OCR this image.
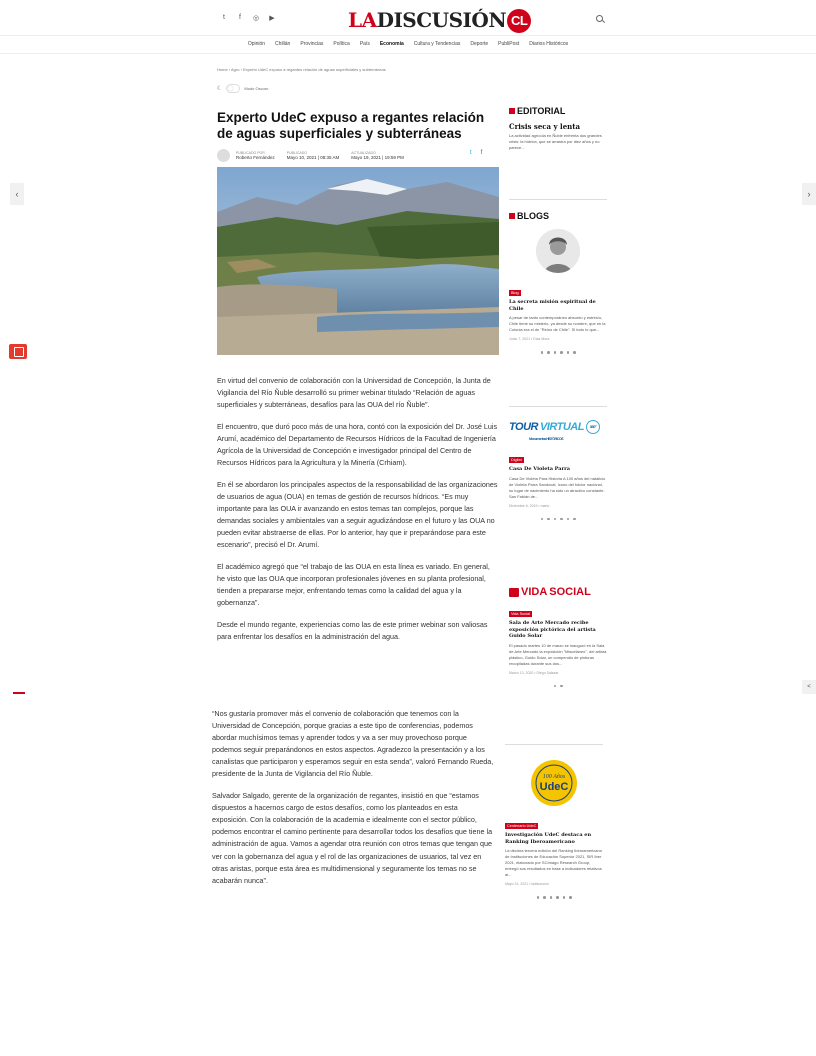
t	f	◎ ▶	LADISCUSIÓN CL
Opinión Chillán Provincias Política País Economía Cultura y Tendencias Deporte PubliPost Diarios Históricos
Home › Agro › Experto UdeC expuso a regantes relación de aguas superficiales y subterráneas
☾	Modo Oscuro
Experto UdeC expuso a regantes relación de aguas superficiales y subterráneas
PUBLICADO POR
Roberto Fernández
PUBLICADO
Mayo 10, 2021 | 08:35 AM
ACTUALIZADO
Mayo 19, 2021 | 19:59 PM
t f

En virtud del convenio de colaboración con la Universidad de Concepción, la Junta de Vigilancia del Río Ñuble desarrolló su primer webinar titulado “Relación de aguas superficiales y subterráneas, desafíos para las OUA del río Ñuble”.

El encuentro, que duró poco más de una hora, contó con la exposición del Dr. José Luis Arumí, académico del Departamento de Recursos Hídricos de la Facultad de Ingeniería Agrícola de la Universidad de Concepción e investigador principal del Centro de Recursos Hídricos para la Agricultura y la Minería (Crhiam).

En él se abordaron los principales aspectos de la responsabilidad de las organizaciones de usuarios de agua (OUA) en temas de gestión de recursos hídricos. “Es muy importante para las OUA ir avanzando en estos temas tan complejos, porque las demandas sociales y ambientales van a seguir agudizándose en el futuro y las OUA no pueden evitar abstraerse de ellas. Por lo anterior, hay que ir preparándose para este escenario”, precisó el Dr. Arumí.

El académico agregó que “el trabajo de las OUA en esta línea es variado. En general, he visto que las OUA que incorporan profesionales jóvenes en su planta profesional, tienden a prepararse mejor, enfrentando temas como la calidad del agua y la gobernanza”.

Desde el mundo regante, experiencias como las de este primer webinar son valiosas para enfrentar los desafíos en la administración del agua.

“Nos gustaría promover más el convenio de colaboración que tenemos con la Universidad de Concepción, porque gracias a este tipo de conferencias, podemos abordar muchísimos temas y aprender todos y va a ser muy provechoso porque podemos seguir preparándonos en estos aspectos. Agradezco la presentación y a los canalistas que participaron y esperamos seguir en esta senda”, valoró Fernando Rueda, presidente de la Junta de Vigilancia del Río Ñuble.

Salvador Salgado, gerente de la organización de regantes, insistió en que “estamos dispuestos a hacernos cargo de estos desafíos, como los planteados en esta exposición. Con la colaboración de la academia e idealmente con el sector público, podemos encontrar el camino pertinente para desarrollar todos los desafíos que tiene la administración de agua. Vamos a agendar otra reunión con otros temas que tengan que ver con la gobernanza del agua y el rol de las organizaciones de usuarios, tal vez en otras aristas, porque esta área es multidimensional y seguramente los temas no se acabarán nunca”.

EDITORIAL
Crisis seca y lenta
La actividad agrícola en Ñuble enfrenta dos grandes crisis: la hídrica, que se arrastra por diez años y no parece...
BLOGS
Blog
La secreta misión espiritual de Chile
A pesar de tanto contemporáneo absurdo y estrés/o, Chile tiene su misterio, ya desde su nombre, que en la Colonia era el de "Reino de Chile". Si todo lo que...
Junio 7, 2021 • Díaz Mora
TOUR VIRTUAL	360°
Monumentos HISTÓRICOS
Digital
Casa De Violeta Parra
Casa De Violeta Para Historia A 100 años del natalicio de Violeta Parra Sandoval, ícono del folclor nacional, su lugar de nacimiento ha sido un atractivo constante. San Fabián de...
Diciembre 6, 2019 • mario
VIDA SOCIAL
Vida Social
Sala de Arte Mercado recibe exposición pictórica del artista Guido Solar
El pasado martes 10 de marzo se inauguró en la Sala de Arte Mercado la exposición "Misceláneo", del artista plástico, Guido Solar, un compendio de pinturas recopiladas durante sus dos...
Marzo 13, 2020 • Diego Salazar
100 Años
UdeC
Centenario UdeC
Investigación UdeC destaca en Ranking Iberoamericano
La décima tercera edición del Ranking Iberoamericano de Instituciones de Educación Superior 2021, SIR Iber 2021, elaborado por SCImago Research Group, entregó sus resultados en base a indicadores relativos al...
Mayo 31, 2021 • ladiscusion
‹	›
<
